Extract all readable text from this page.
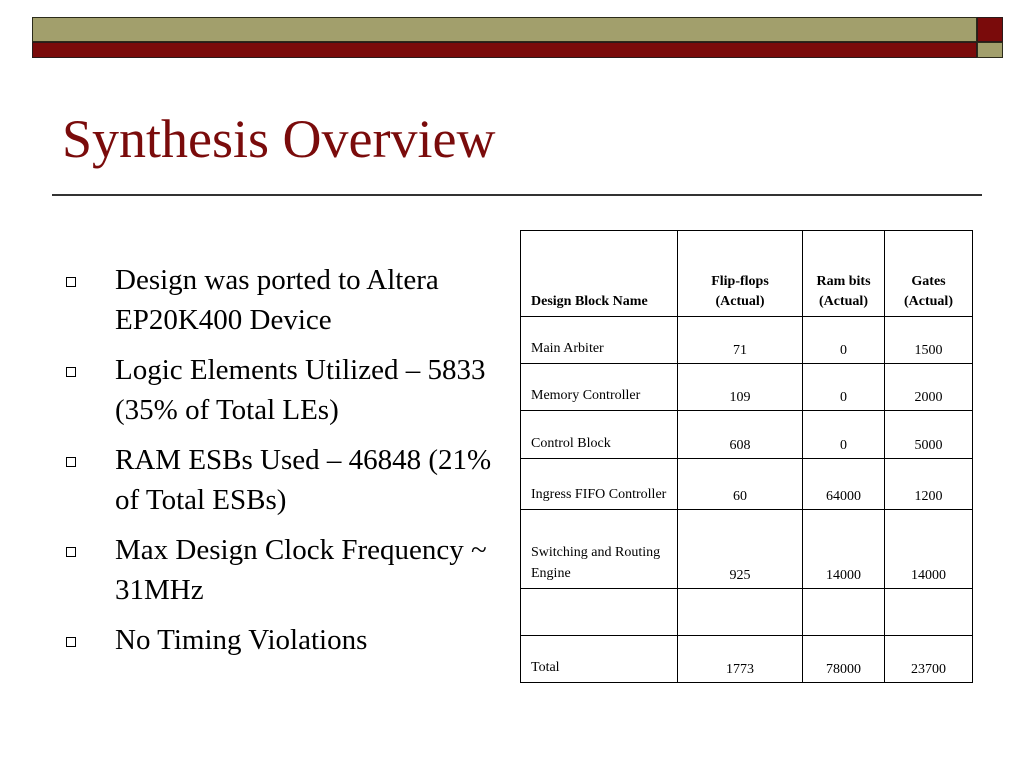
Synthesis Overview
Design was ported to Altera EP20K400 Device
Logic Elements Utilized – 5833 (35% of Total LEs)
RAM ESBs Used – 46848 (21% of Total ESBs)
Max Design Clock Frequency ~ 31MHz
No Timing Violations
Design Block Name	Flip-flops (Actual)	Ram bits (Actual)	Gates (Actual)
Main Arbiter	71	0	1500
Memory Controller	109	0	2000
Control Block	608	0	5000
Ingress FIFO Controller	60	64000	1200
Switching and Routing Engine	925	14000	14000

Total	1773	78000	23700
